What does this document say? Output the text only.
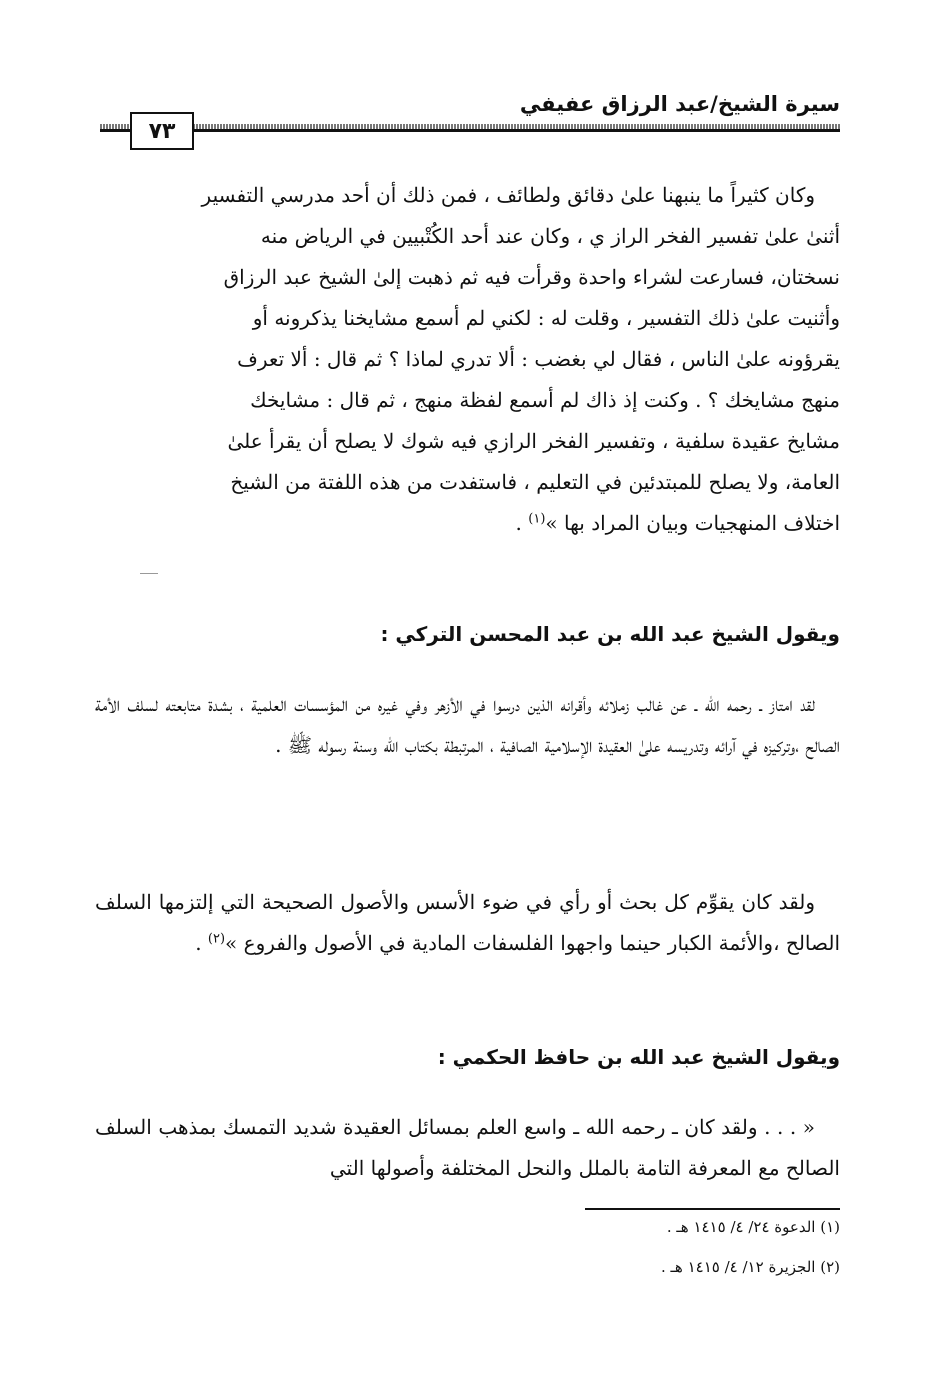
سيرة الشيخ/عبد الرزاق عفيفي
٧٣
وكان كثيراً ما ينبهنا علىٰ دقائق ولطائف ، فمن ذلك أن أحد مدرسي التفسير
أثنىٰ علىٰ تفسير الفخر الراز ي ، وكان عند أحد الكُتْبيين في الرياض منه
نسختان، فسارعت لشراء واحدة وقرأت فيه ثم ذهبت إلىٰ الشيخ عبد الرزاق
وأثنيت علىٰ ذلك التفسير ، وقلت له : لكني لم أسمع مشايخنا يذكرونه أو
يقرؤونه علىٰ الناس ، فقال لي بغضب : ألا تدري لماذا ؟ ثم قال : ألا تعرف
منهج مشايخك ؟ . وكنت إذ ذاك لم أسمع لفظة منهج ، ثم قال : مشايخك
مشايخ عقيدة سلفية ، وتفسير الفخر الرازي فيه شوك لا يصلح أن يقرأ علىٰ
العامة، ولا يصلح للمبتدئين في التعليم ، فاستفدت من هذه اللفتة من الشيخ
اختلاف المنهجيات وبيان المراد بها »$^{(١)}$ .
ويقول الشيخ عبد الله بن عبد المحسن التركي :
لقد امتاز ـ رحمه الله ـ عن غالب زملائه وأقرانه الذين درسوا في الأزهر وفي غيره من المؤسسات العلمية ، بشدة متابعته لسلف الأمة الصالح ،وتركيزه في آرائه وتدريسه علىٰ العقيدة الإسلامية الصافية ، المرتبطة بكتاب الله وسنة رسوله ﷺ .
ولقد كان يقوِّم كل بحث أو رأي في ضوء الأسس والأصول الصحيحة التي إلتزمها السلف الصالح ،والأئمة الكبار حينما واجهوا الفلسفات المادية في الأصول والفروع »$^{(٢)}$ .
ويقول الشيخ عبد الله بن حافظ الحكمي :
« . . . ولقد كان ـ رحمه الله ـ واسع العلم بمسائل العقيدة شديد التمسك بمذهب السلف الصالح مع المعرفة التامة بالملل والنحل المختلفة وأصولها التي
(١) الدعوة ٢٤/ ٤/ ١٤١٥ هـ .
(٢) الجزيرة ١٢/ ٤/ ١٤١٥ هـ .
